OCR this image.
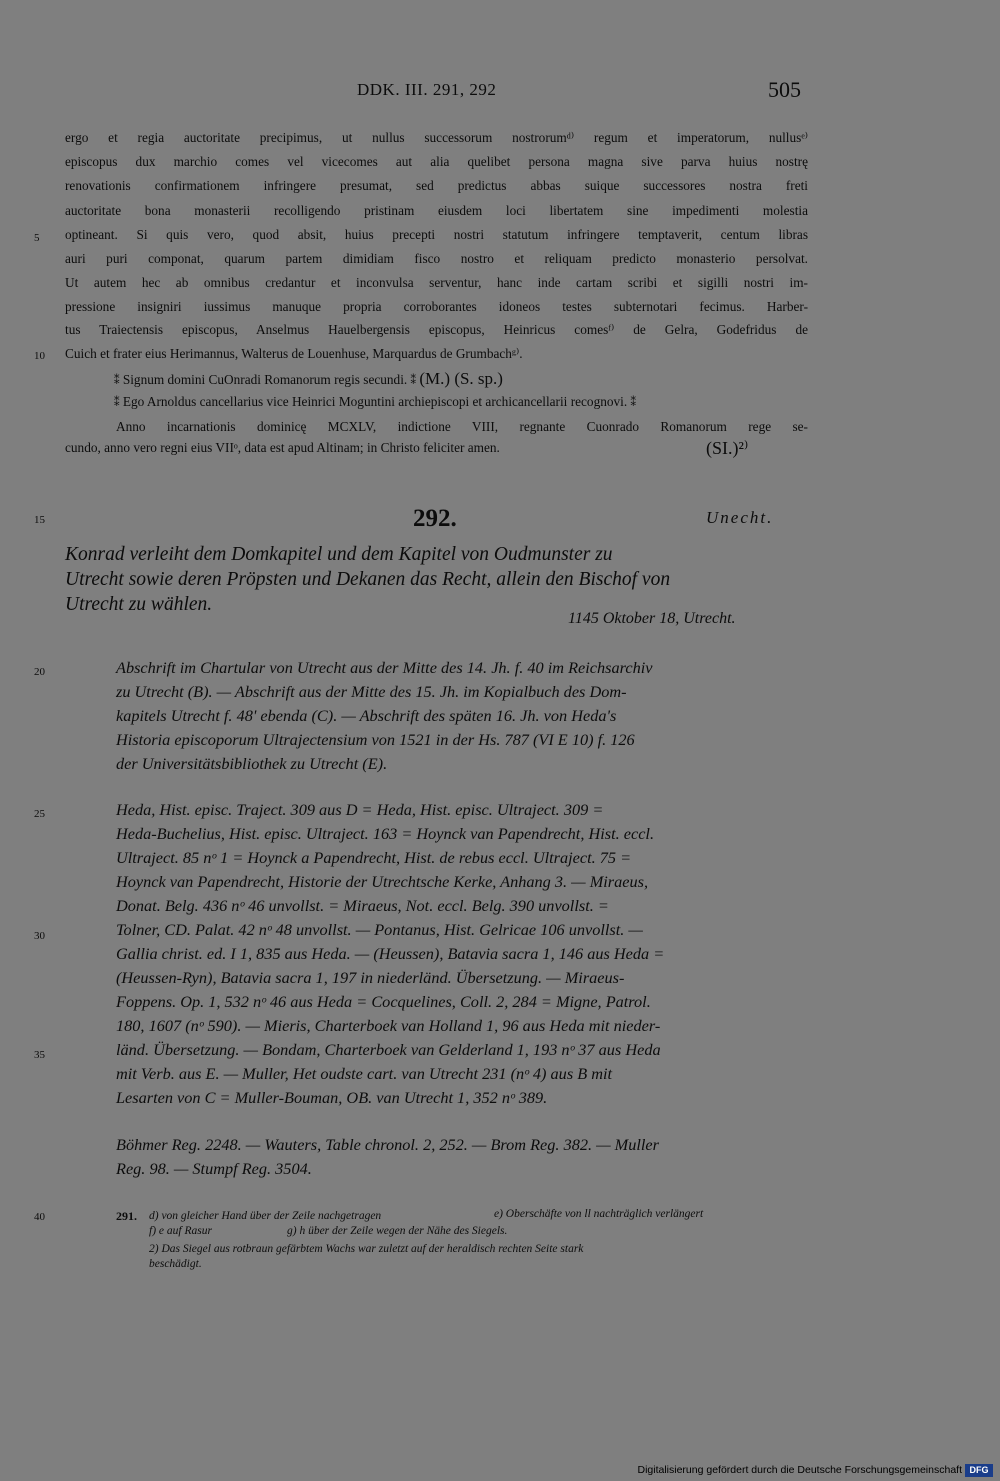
DDK. III. 291, 292	505
ergo et regia auctoritate precipimus, ut nullus successorum nostrorumᵈ⁾ regum et imperatorum, nullusᵉ⁾
episcopus dux marchio comes vel vicecomes aut alia quelibet persona magna sive parva huius nostrę
renovationis confirmationem infringere presumat, sed predictus abbas suique successores nostra freti
auctoritate bona monasterii recolligendo pristinam eiusdem loci libertatem sine impedimenti molestia
optineant. Si quis vero, quod absit, huius precepti nostri statutum infringere temptaverit, centum libras
auri puri componat, quarum partem dimidiam fisco nostro et reliquam predicto monasterio persolvat.
Ut autem hec ab omnibus credantur et inconvulsa serventur, hanc inde cartam scribi et sigilli nostri im-
pressione insigniri iussimus manuque propria corroborantes idoneos testes subternotari fecimus. Harber-
tus Traiectensis episcopus, Anselmus Hauelbergensis episcopus, Heinricus comesᶠ⁾ de Gelra, Godefridus de
Cuich et frater eius Herimannus, Walterus de Louenhuse, Marquardus de Grumbachᵍ⁾.
⁑ Signum domini CuOnradi Romanorum regis secundi. ⁑ (M.) (S. sp.)
⁑ Ego Arnoldus cancellarius vice Heinrici Moguntini archiepiscopi et archicancellarii recognovi. ⁑
Anno incarnationis dominicę MCXLV, indictione VIII, regnante Cuonrado Romanorum rege se-
cundo, anno vero regni eius VIIᵒ, data est apud Altinam; in Christo feliciter amen.	(SI.)²⁾
5
10
15
20
25
30
35
40
292.	Unecht.
Konrad verleiht dem Domkapitel und dem Kapitel von Oudmunster zu
Utrecht sowie deren Pröpsten und Dekanen das Recht, allein den Bischof von
Utrecht zu wählen.
1145 Oktober 18, Utrecht.
Abschrift im Chartular von Utrecht aus der Mitte des 14. Jh. f. 40 im Reichsarchiv
zu Utrecht (B). — Abschrift aus der Mitte des 15. Jh. im Kopialbuch des Dom-
kapitels Utrecht f. 48' ebenda (C). — Abschrift des späten 16. Jh. von Heda's
Historia episcoporum Ultrajectensium von 1521 in der Hs. 787 (VI E 10) f. 126
der Universitätsbibliothek zu Utrecht (E).
Heda, Hist. episc. Traject. 309 aus D = Heda, Hist. episc. Ultraject. 309 =
Heda-Buchelius, Hist. episc. Ultraject. 163 = Hoynck van Papendrecht, Hist. eccl.
Ultraject. 85 nᵒ 1 = Hoynck a Papendrecht, Hist. de rebus eccl. Ultraject. 75 =
Hoynck van Papendrecht, Historie der Utrechtsche Kerke, Anhang 3. — Miraeus,
Donat. Belg. 436 nᵒ 46 unvollst. = Miraeus, Not. eccl. Belg. 390 unvollst. =
Tolner, CD. Palat. 42 nᵒ 48 unvollst. — Pontanus, Hist. Gelricae 106 unvollst. —
Gallia christ. ed. I 1, 835 aus Heda. — (Heussen), Batavia sacra 1, 146 aus Heda =
(Heussen-Ryn), Batavia sacra 1, 197 in niederländ. Übersetzung. — Miraeus-
Foppens. Op. 1, 532 nᵒ 46 aus Heda = Cocquelines, Coll. 2, 284 = Migne, Patrol.
180, 1607 (nᵒ 590). — Mieris, Charterboek van Holland 1, 96 aus Heda mit nieder-
länd. Übersetzung. — Bondam, Charterboek van Gelderland 1, 193 nᵒ 37 aus Heda
mit Verb. aus E. — Muller, Het oudste cart. van Utrecht 231 (nᵒ 4) aus B mit
Lesarten von C = Muller-Bouman, OB. van Utrecht 1, 352 nᵒ 389.
Böhmer Reg. 2248. — Wauters, Table chronol. 2, 252. — Brom Reg. 382. — Muller
Reg. 98. — Stumpf Reg. 3504.
291. d) von gleicher Hand über der Zeile nachgetragen	e) Oberschäfte von ll nachträglich verlängert
f) e auf Rasur	g) h über der Zeile wegen der Nähe des Siegels.
2) Das Siegel aus rotbraun gefärbtem Wachs war zuletzt auf der heraldisch rechten Seite stark
beschädigt.
Digitalisierung gefördert durch die Deutsche Forschungsgemeinschaft DFG
